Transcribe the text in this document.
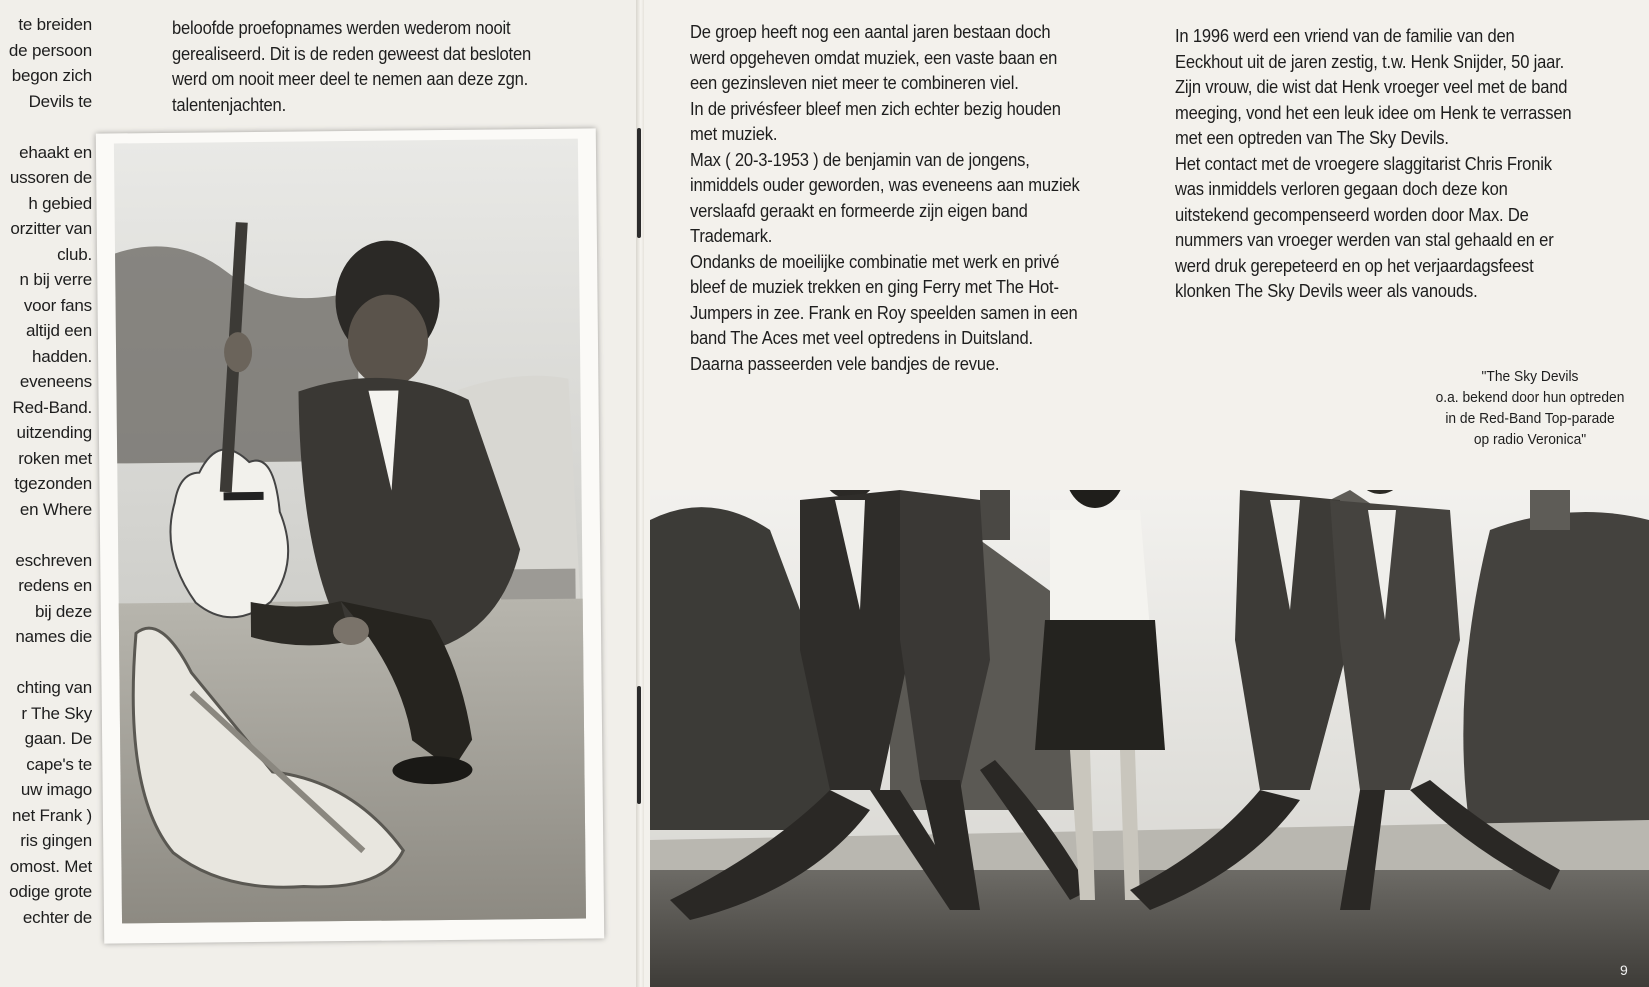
te breiden
de persoon
begon zich
Devils te

ehaakt en
ussoren de
h gebied
orzitter van
club.
n bij verre
voor fans
altijd een
hadden.
eveneens
Red-Band.
uitzending
roken met
tgezonden
en Where

eschreven
redens en
bij deze
names die

chting van
r The Sky
gaan. De
cape's te
uw imago
net Frank )
ris gingen
omost. Met
odige grote
echter de
beloofde proefopnames werden wederom nooit
gerealiseerd. Dit is de reden geweest dat besloten
werd om nooit meer deel te nemen aan deze zgn.
talentenjachten.
De groep heeft nog een aantal jaren bestaan doch
werd opgeheven omdat muziek, een vaste baan en
een gezinsleven niet meer te combineren viel.
In de privésfeer bleef men zich echter bezig houden
met muziek.
Max ( 20-3-1953 ) de benjamin van de jongens,
inmiddels ouder geworden, was eveneens aan muziek
verslaafd geraakt en formeerde zijn eigen band
Trademark.
Ondanks de moeilijke combinatie met werk en privé
bleef de muziek trekken en ging Ferry met The Hot-
Jumpers in zee. Frank en Roy speelden samen in een
band The Aces met veel optredens in Duitsland.
Daarna passeerden vele bandjes de revue.
In 1996 werd een vriend van de familie van den
Eeckhout uit de jaren zestig, t.w. Henk Snijder, 50 jaar.
Zijn vrouw, die wist dat Henk vroeger veel met de band
meeging, vond het een leuk idee om Henk te verrassen
met een optreden van The Sky Devils.
Het contact met de vroegere slaggitarist Chris Fronik
was inmiddels verloren gegaan doch deze kon
uitstekend gecompenseerd worden door Max. De
nummers van vroeger werden van stal gehaald en er
werd druk gerepeteerd en op het verjaardagsfeest
klonken The Sky Devils weer als vanouds.
"The Sky Devils
o.a. bekend door hun optreden
in de Red-Band Top-parade
op radio Veronica"
9
